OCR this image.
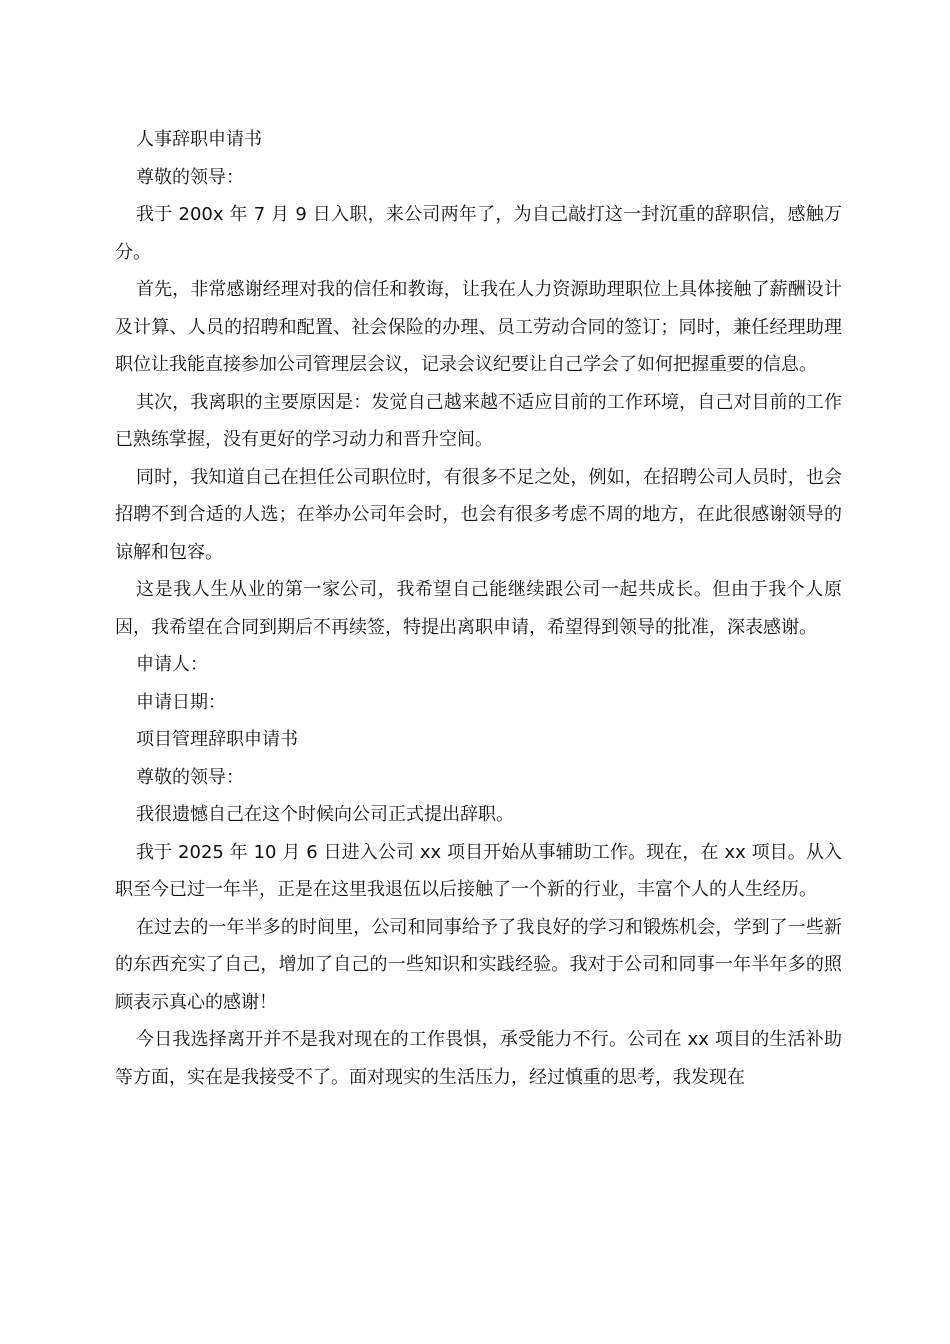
人事辞职申请书

尊敬的领导：

我于 200x 年 7 月 9 日入职，来公司两年了，为自己敲打这一封沉重的辞职信，感触万分。

首先，非常感谢经理对我的信任和教诲，让我在人力资源助理职位上具体接触了薪酬设计及计算、人员的招聘和配置、社会保险的办理、员工劳动合同的签订；同时，兼任经理助理职位让我能直接参加公司管理层会议，记录会议纪要让自己学会了如何把握重要的信息。

其次，我离职的主要原因是：发觉自己越来越不适应目前的工作环境，自己对目前的工作已熟练掌握，没有更好的学习动力和晋升空间。

同时，我知道自己在担任公司职位时，有很多不足之处，例如，在招聘公司人员时，也会招聘不到合适的人选；在举办公司年会时，也会有很多考虑不周的地方，在此很感谢领导的谅解和包容。

这是我人生从业的第一家公司，我希望自己能继续跟公司一起共成长。但由于我个人原因，我希望在合同到期后不再续签，特提出离职申请，希望得到领导的批准，深表感谢。

申请人：

申请日期：

项目管理辞职申请书

尊敬的领导：

我很遗憾自己在这个时候向公司正式提出辞职。

我于 2025 年 10 月 6 日进入公司 xx 项目开始从事辅助工作。现在，在 xx 项目。从入职至今已过一年半，正是在这里我退伍以后接触了一个新的行业，丰富个人的人生经历。

在过去的一年半多的时间里，公司和同事给予了我良好的学习和锻炼机会，学到了一些新的东西充实了自己，增加了自己的一些知识和实践经验。我对于公司和同事一年半年多的照顾表示真心的感谢！

今日我选择离开并不是我对现在的工作畏惧，承受能力不行。公司在 xx 项目的生活补助等方面，实在是我接受不了。面对现实的生活压力，经过慎重的思考，我发现在
